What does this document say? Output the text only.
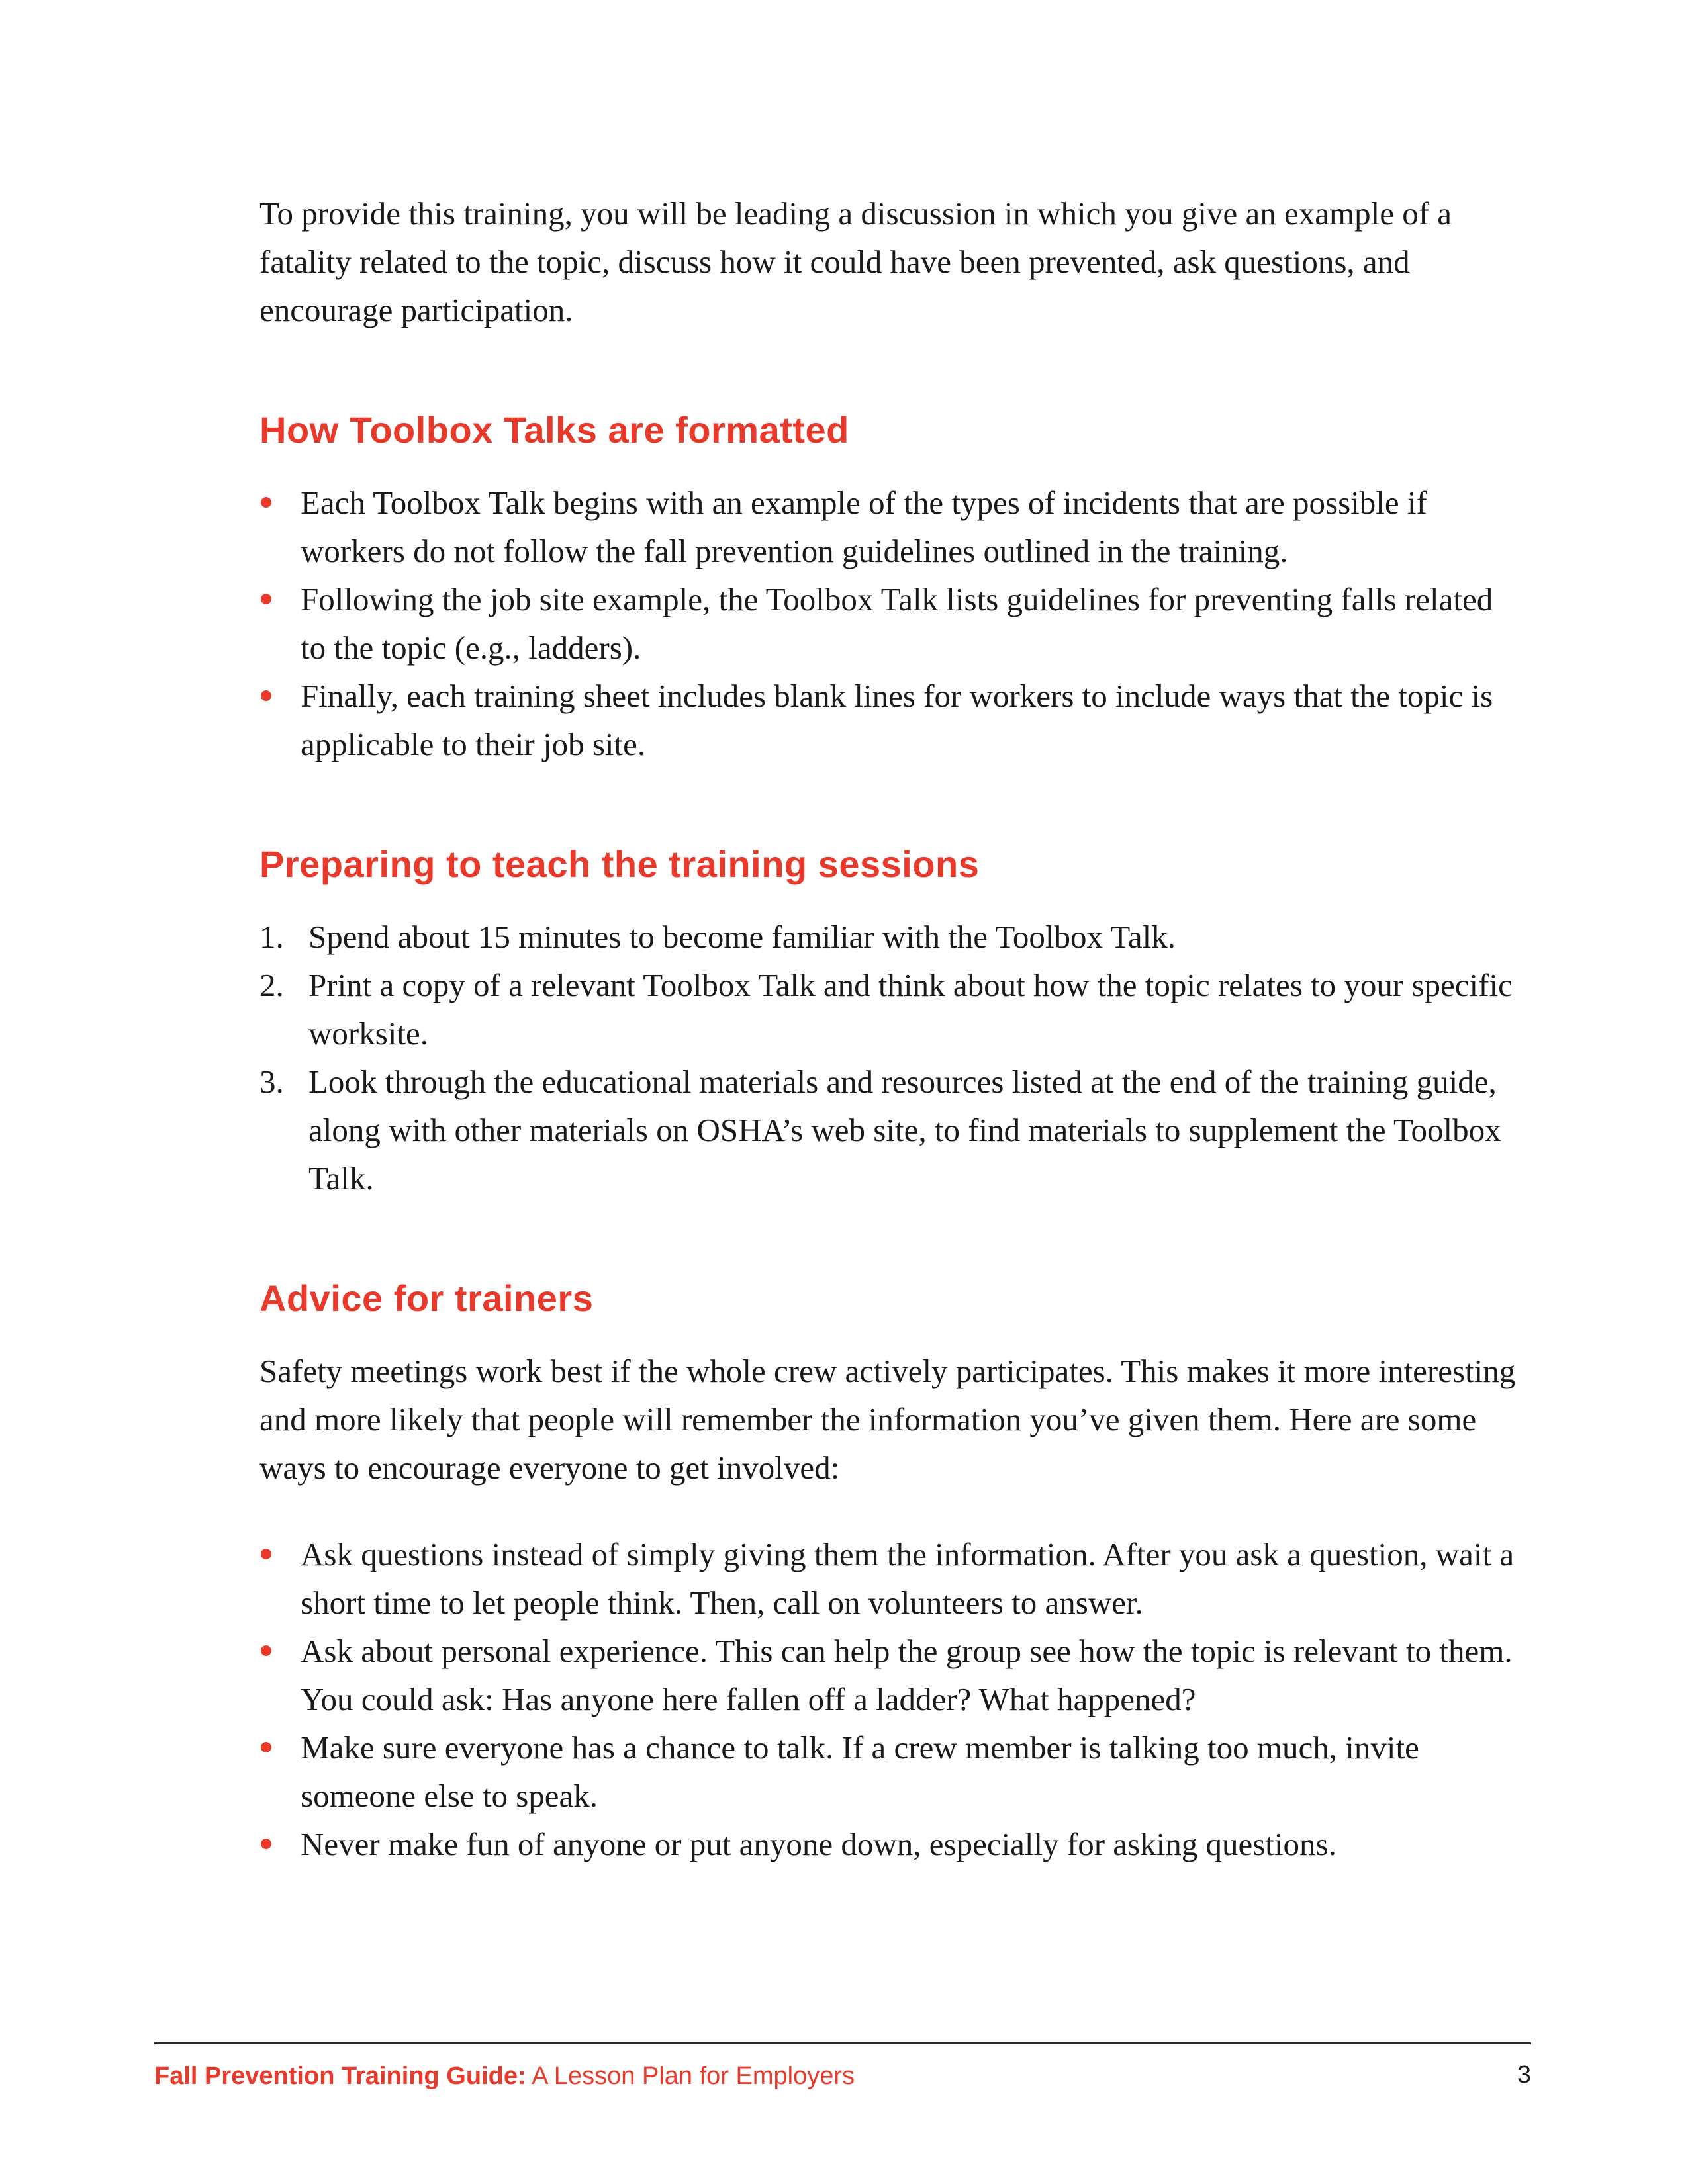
To provide this training, you will be leading a discussion in which you give an example of a fatality related to the topic, discuss how it could have been prevented, ask questions, and encourage participation.

How Toolbox Talks are formatted
Each Toolbox Talk begins with an example of the types of incidents that are possible if workers do not follow the fall prevention guidelines outlined in the training.
Following the job site example, the Toolbox Talk lists guidelines for preventing falls related to the topic (e.g., ladders).
Finally, each training sheet includes blank lines for workers to include ways that the topic is applicable to their job site.
Preparing to teach the training sessions
1. Spend about 15 minutes to become familiar with the Toolbox Talk.
2. Print a copy of a relevant Toolbox Talk and think about how the topic relates to your specific worksite.
3. Look through the educational materials and resources listed at the end of the training guide, along with other materials on OSHA’s web site, to find materials to supplement the Toolbox Talk.
Advice for trainers

Safety meetings work best if the whole crew actively participates. This makes it more interesting and more likely that people will remember the information you’ve given them. Here are some ways to encourage everyone to get involved:

Ask questions instead of simply giving them the information. After you ask a question, wait a short time to let people think. Then, call on volunteers to answer.
Ask about personal experience. This can help the group see how the topic is relevant to them. You could ask: Has anyone here fallen off a ladder? What happened?
Make sure everyone has a chance to talk. If a crew member is talking too much, invite someone else to speak.
Never make fun of anyone or put anyone down, especially for asking questions.
Fall Prevention Training Guide: A Lesson Plan for Employers	3
